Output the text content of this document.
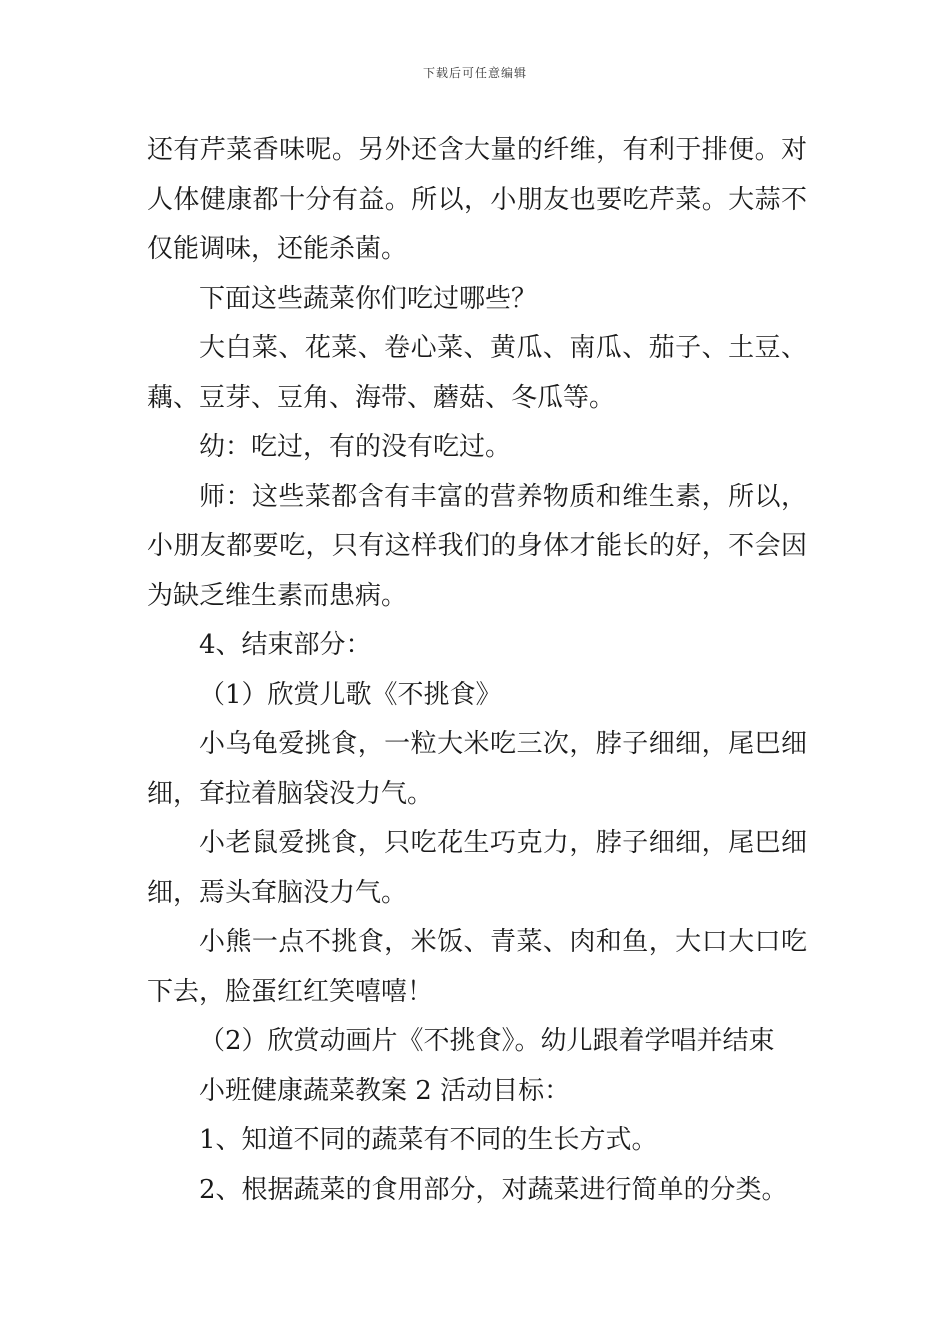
下载后可任意编辑

还有芹菜香味呢。另外还含大量的纤维，有利于排便。对人体健康都十分有益。所以，小朋友也要吃芹菜。大蒜不仅能调味，还能杀菌。

下面这些蔬菜你们吃过哪些？

大白菜、花菜、卷心菜、黄瓜、南瓜、茄子、土豆、藕、豆芽、豆角、海带、蘑菇、冬瓜等。

幼：吃过，有的没有吃过。

师：这些菜都含有丰富的营养物质和维生素，所以，小朋友都要吃，只有这样我们的身体才能长的好，不会因为缺乏维生素而患病。

4、结束部分：

（1）欣赏儿歌《不挑食》

小乌龟爱挑食，一粒大米吃三次，脖子细细，尾巴细细，耷拉着脑袋没力气。

小老鼠爱挑食，只吃花生巧克力，脖子细细，尾巴细细，焉头耷脑没力气。

小熊一点不挑食，米饭、青菜、肉和鱼，大口大口吃下去，脸蛋红红笑嘻嘻！

（2）欣赏动画片《不挑食》。幼儿跟着学唱并结束

小班健康蔬菜教案 2 活动目标：

1、知道不同的蔬菜有不同的生长方式。

2、根据蔬菜的食用部分，对蔬菜进行简单的分类。
